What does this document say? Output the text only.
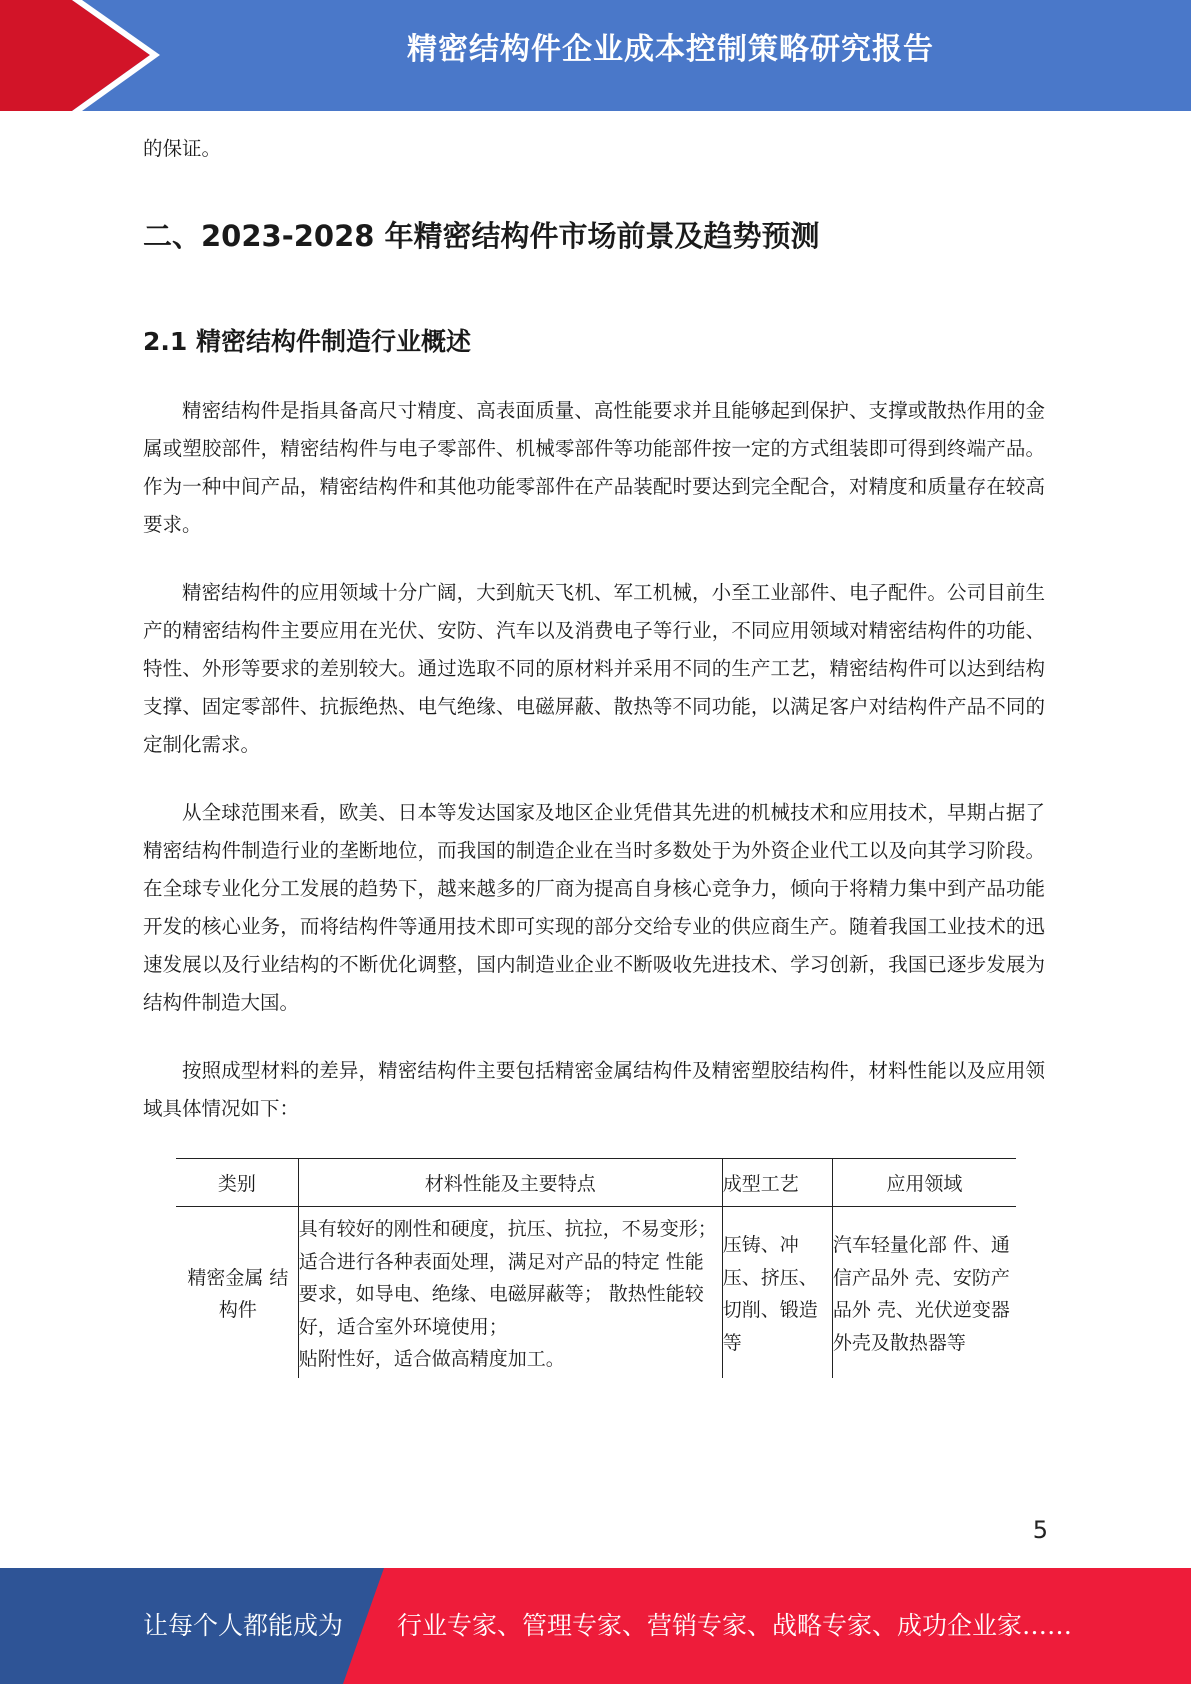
精密结构件企业成本控制策略研究报告

的保证。

二、2023-2028 年精密结构件市场前景及趋势预测
2.1 精密结构件制造行业概述

精密结构件是指具备高尺寸精度、高表面质量、高性能要求并且能够起到保护、支撑或散热作用的金属或塑胶部件，精密结构件与电子零部件、机械零部件等功能部件按一定的方式组装即可得到终端产品。作为一种中间产品，精密结构件和其他功能零部件在产品装配时要达到完全配合，对精度和质量存在较高要求。

精密结构件的应用领域十分广阔，大到航天飞机、军工机械，小至工业部件、电子配件。公司目前生产的精密结构件主要应用在光伏、安防、汽车以及消费电子等行业，不同应用领域对精密结构件的功能、特性、外形等要求的差别较大。通过选取不同的原材料并采用不同的生产工艺，精密结构件可以达到结构支撑、固定零部件、抗振绝热、电气绝缘、电磁屏蔽、散热等不同功能，以满足客户对结构件产品不同的定制化需求。

从全球范围来看，欧美、日本等发达国家及地区企业凭借其先进的机械技术和应用技术，早期占据了精密结构件制造行业的垄断地位，而我国的制造企业在当时多数处于为外资企业代工以及向其学习阶段。在全球专业化分工发展的趋势下，越来越多的厂商为提高自身核心竞争力，倾向于将精力集中到产品功能开发的核心业务，而将结构件等通用技术即可实现的部分交给专业的供应商生产。随着我国工业技术的迅速发展以及行业结构的不断优化调整，国内制造业企业不断吸收先进技术、学习创新，我国已逐步发展为结构件制造大国。

按照成型材料的差异，精密结构件主要包括精密金属结构件及精密塑胶结构件，材料性能以及应用领域具体情况如下：

类别	材料性能及主要特点	成型工艺	应用领域
精密金属 结构件	具有较好的刚性和硬度，抗压、抗拉，不易变形；
适合进行各种表面处理，满足对产品的特定 性能要求，如导电、绝缘、电磁屏蔽等； 散热性能较好，适合室外环境使用；
贴附性好，适合做高精度加工。	压铸、冲压、挤压、切削、锻造等	汽车轻量化部 件、通信产品外 壳、安防产品外 壳、光伏逆变器外壳及散热器等
5
让每个人都能成为 行业专家、管理专家、营销专家、战略专家、成功企业家……
